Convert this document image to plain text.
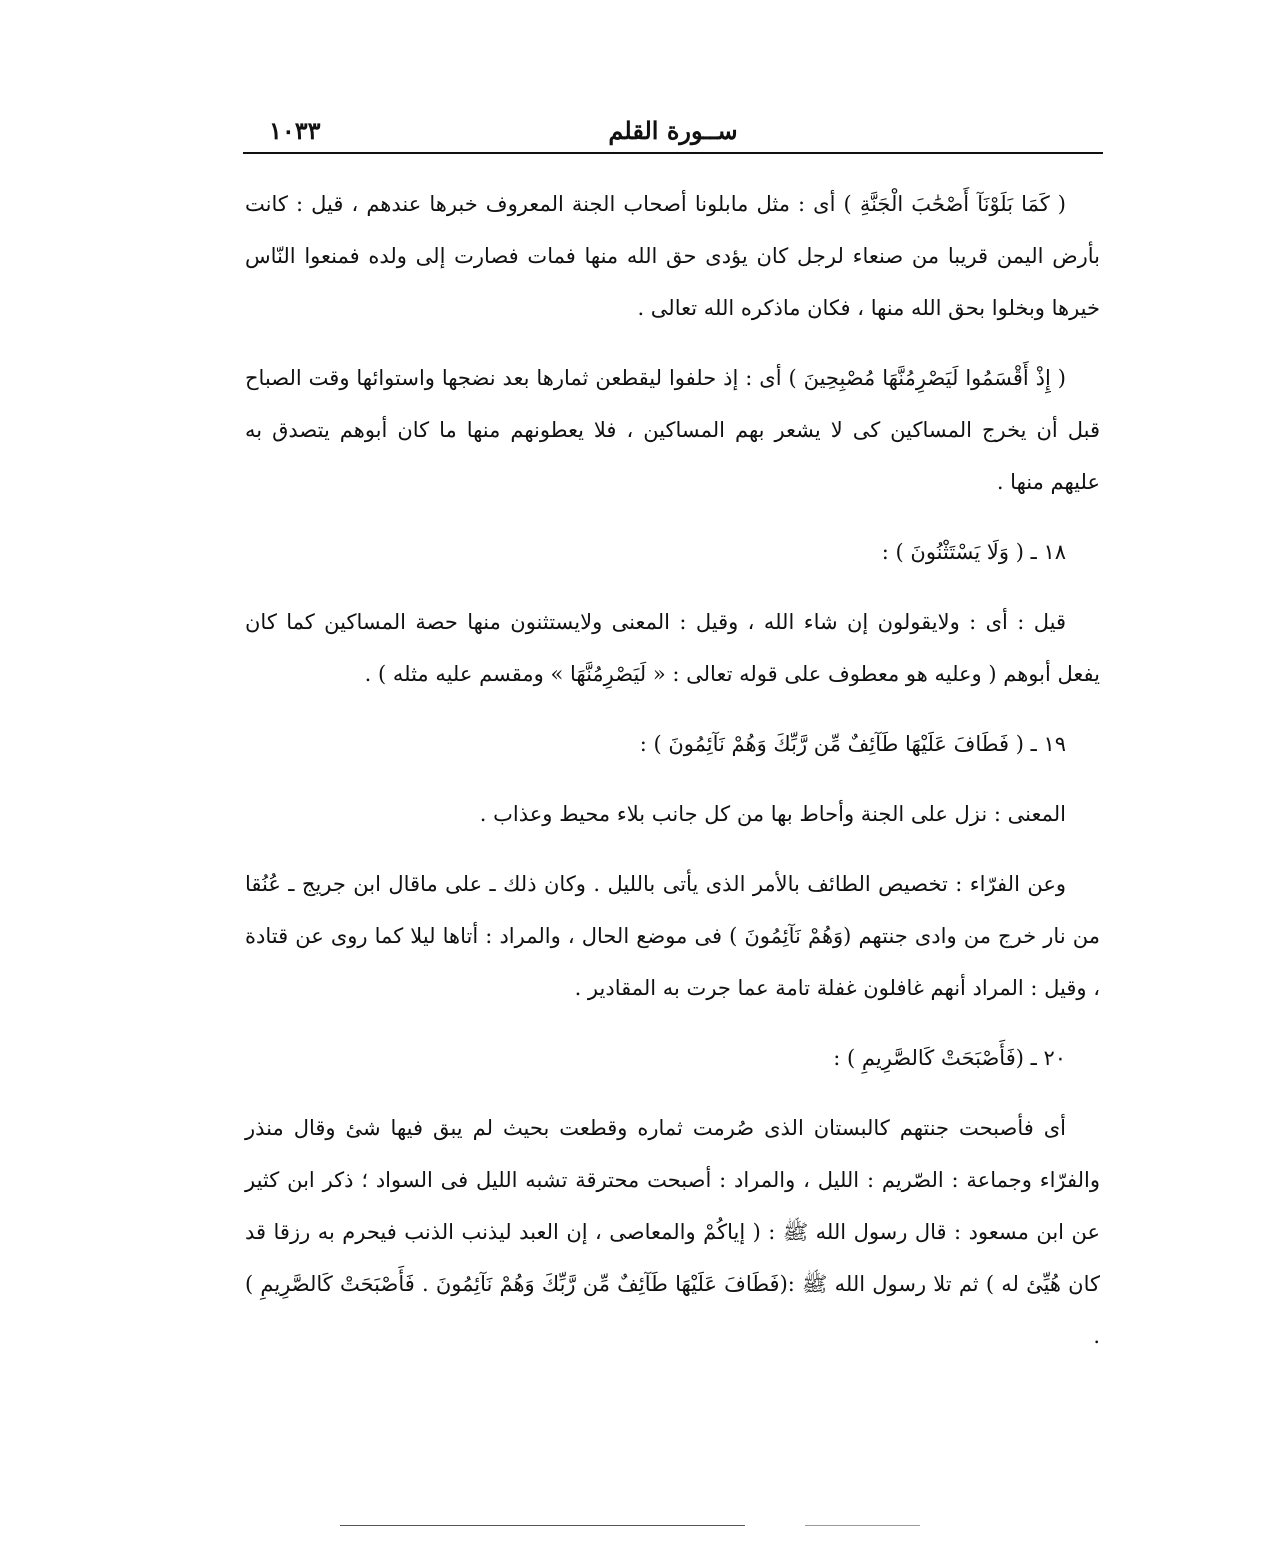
ســورة القلم
١٠٣٣

( كَمَا بَلَوْنَآ أَصْحَٰبَ الْجَنَّةِ ) أى : مثل مابلونا أصحاب الجنة المعروف خبرها عندهم ، قيل : كانت بأرض اليمن قريبا من صنعاء لرجل كان يؤدى حق الله منها فمات فصارت إلى ولده فمنعوا النّاس خيرها وبخلوا بحق الله منها ، فكان ماذكره الله تعالى .

( إِذْ أَقْسَمُوا لَيَصْرِمُنَّهَا مُصْبِحِينَ ) أى : إذ حلفوا ليقطعن ثمارها بعد نضجها واستوائها وقت الصباح قبل أن يخرج المساكين كى لا يشعر بهم المساكين ، فلا يعطونهم منها ما كان أبوهم يتصدق به عليهم منها .

١٨ ـ ( وَلَا يَسْتَثْنُونَ ) :

قيل : أى : ولايقولون إن شاء الله ، وقيل : المعنى ولايستثنون منها حصة المساكين كما كان يفعل أبوهم ( وعليه هو معطوف على قوله تعالى : « لَيَصْرِمُنَّهَا » ومقسم عليه مثله ) .

١٩ ـ ( فَطَافَ عَلَيْهَا طَآئِفٌ مِّن رَّبِّكَ وَهُمْ نَآئِمُونَ ) :

المعنى : نزل على الجنة وأحاط بها من كل جانب بلاء محيط وعذاب .

وعن الفرّاء : تخصيص الطائف بالأمر الذى يأتى بالليل . وكان ذلك ـ على ماقال ابن جريج ـ عُنُقا من نار خرج من وادى جنتهم (وَهُمْ نَآئِمُونَ ) فى موضع الحال ، والمراد : أتاها ليلا كما روى عن قتادة ، وقيل : المراد أنهم غافلون غفلة تامة عما جرت به المقادير .

٢٠ ـ (فَأَصْبَحَتْ كَالصَّرِيمِ ) :

أى فأصبحت جنتهم كالبستان الذى صُرمت ثماره وقطعت بحيث لم يبق فيها شئ وقال منذر والفرّاء وجماعة : الصّريم : الليل ، والمراد : أصبحت محترقة تشبه الليل فى السواد ؛ ذكر ابن كثير عن ابن مسعود : قال رسول الله ﷺ : ( إياكُمْ والمعاصى ، إن العبد ليذنب الذنب فيحرم به رزقا قد كان هُيِّئ له ) ثم تلا رسول الله ﷺ :(فَطَافَ عَلَيْهَا طَآئِفٌ مِّن رَّبِّكَ وَهُمْ نَآئِمُونَ . فَأَصْبَحَتْ كَالصَّرِيمِ ) .
